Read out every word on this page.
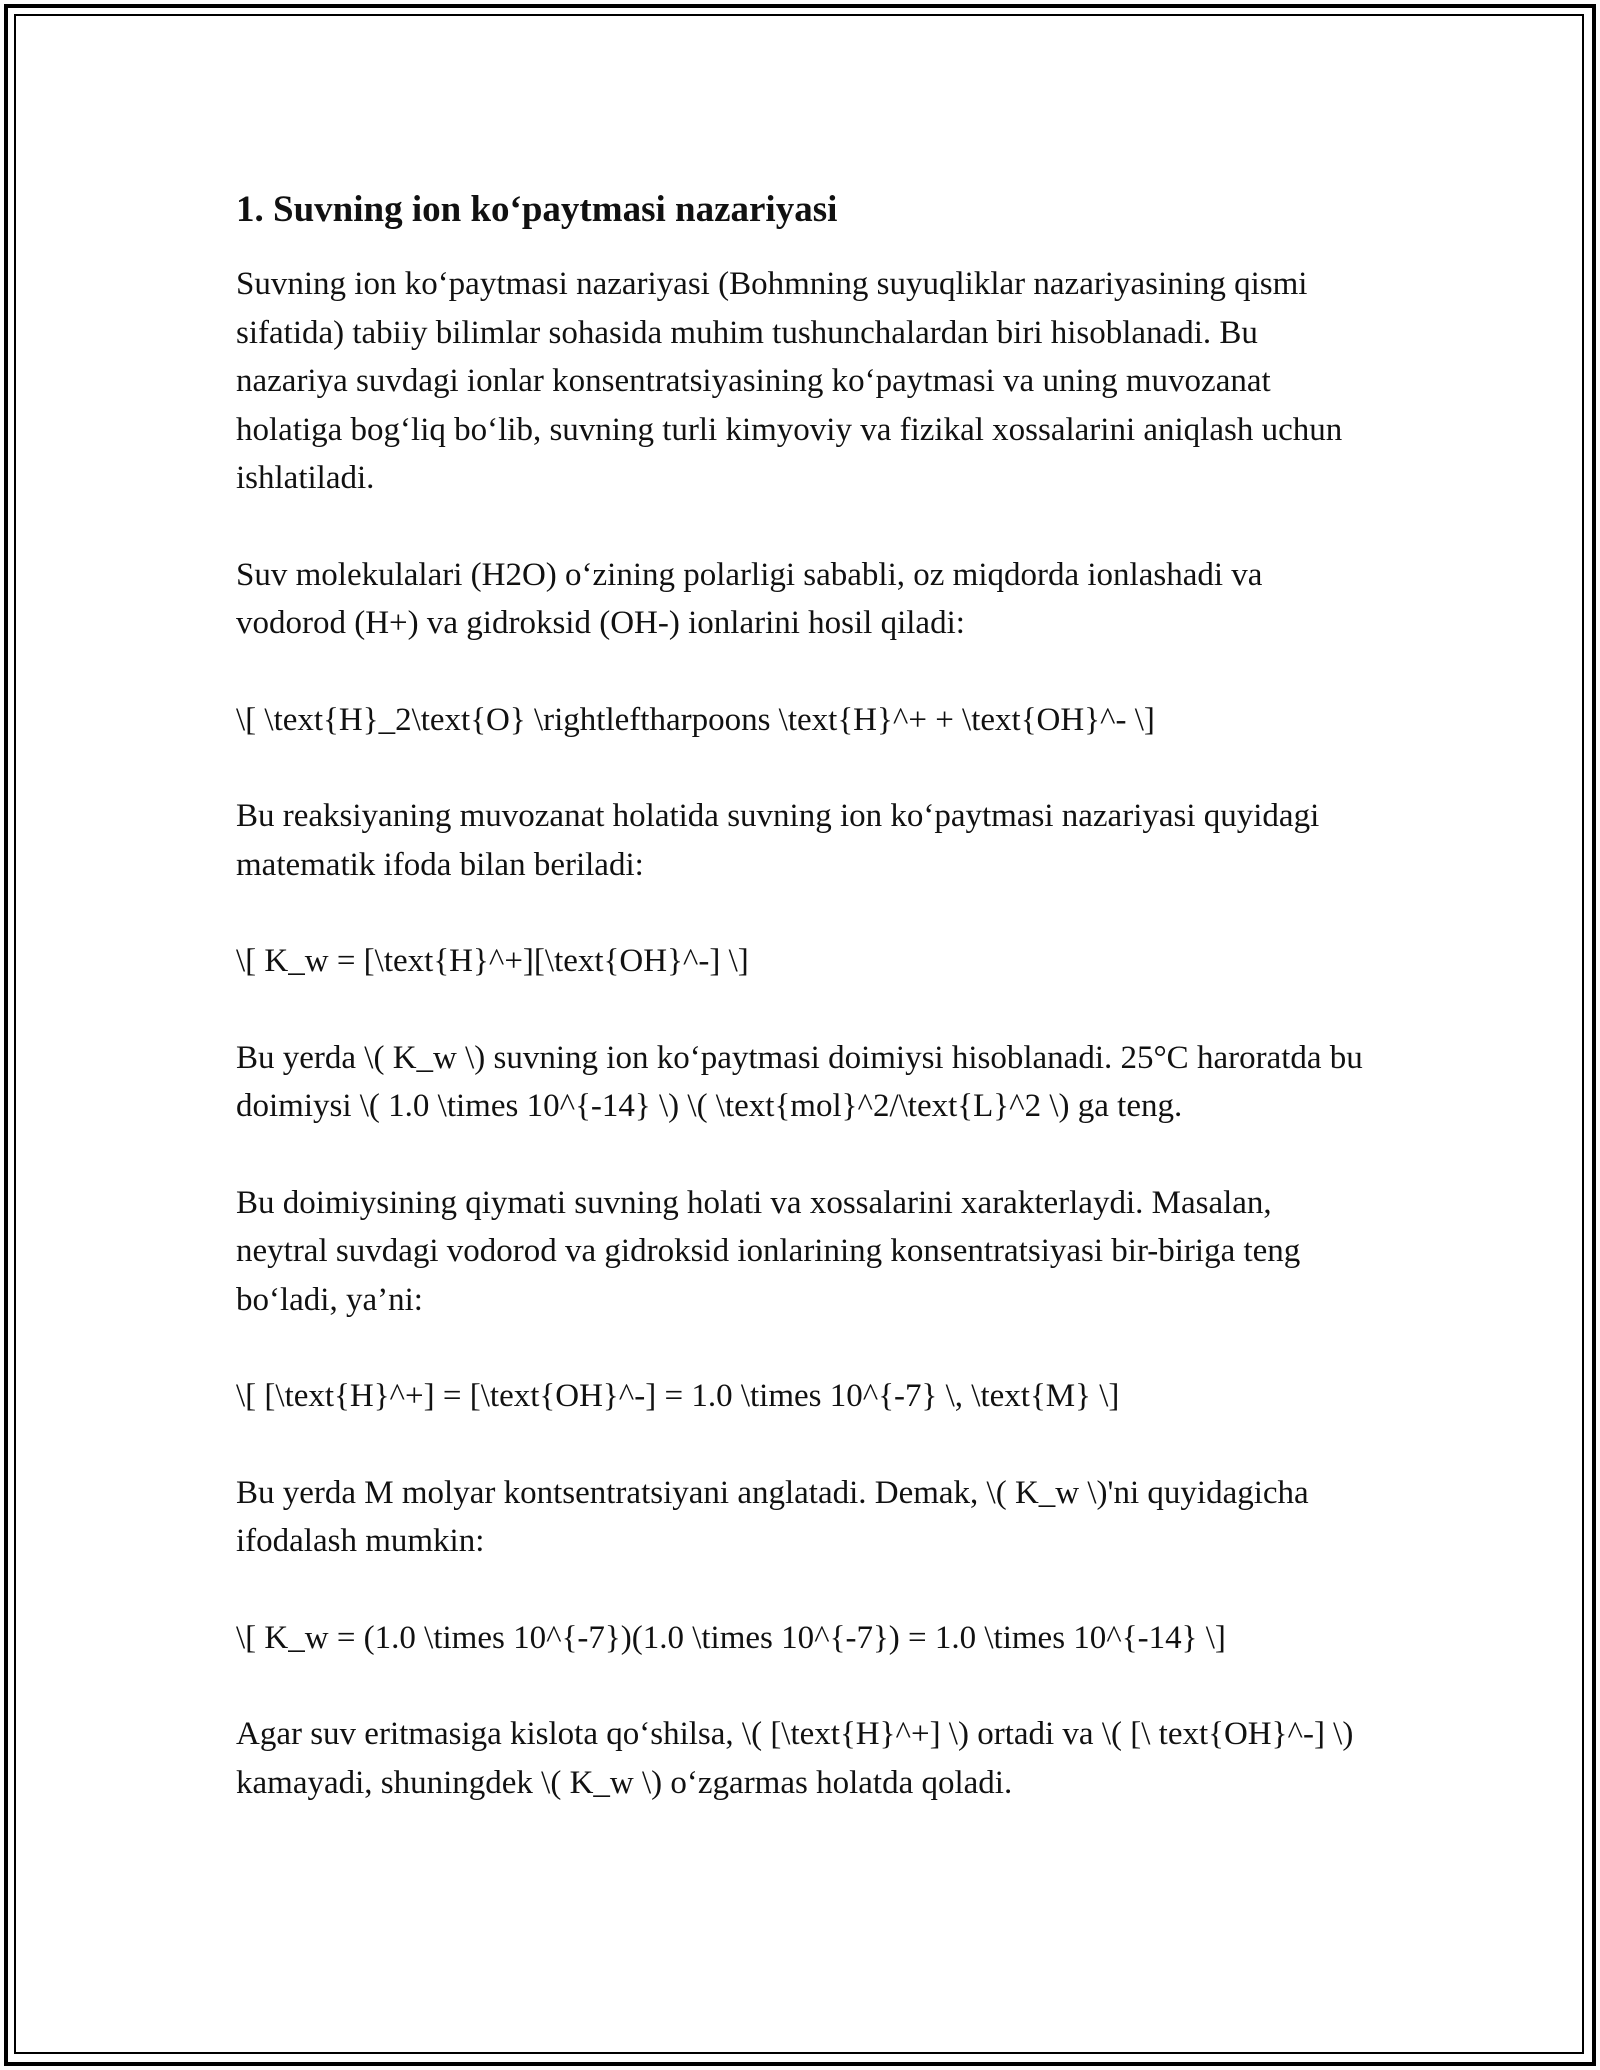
1. Suvning ion ko‘paytmasi nazariyasi

Suvning ion ko‘paytmasi nazariyasi (Bohmning suyuqliklar nazariyasining qismi sifatida) tabiiy bilimlar sohasida muhim tushunchalardan biri hisoblanadi. Bu nazariya suvdagi ionlar konsentratsiyasining ko‘paytmasi va uning muvozanat holatiga bog‘liq bo‘lib, suvning turli kimyoviy va fizikal xossalarini aniqlash uchun ishlatiladi.

Suv molekulalari (H2O) o‘zining polarligi sababli, oz miqdorda ionlashadi va vodorod (H+) va gidroksid (OH-) ionlarini hosil qiladi:

\[ \text{H}_2\text{O} \rightleftharpoons \text{H}^+ + \text{OH}^- \]

Bu reaksiyaning muvozanat holatida suvning ion ko‘paytmasi nazariyasi quyidagi matematik ifoda bilan beriladi:

\[ K_w = [\text{H}^+][\text{OH}^-] \]

Bu yerda \( K_w \) suvning ion ko‘paytmasi doimiysi hisoblanadi. 25°C haroratda bu doimiysi \( 1.0 \times 10^{-14} \) \( \text{mol}^2/\text{L}^2 \) ga teng.

Bu doimiysining qiymati suvning holati va xossalarini xarakterlaydi. Masalan, neytral suvdagi vodorod va gidroksid ionlarining konsentratsiyasi bir-biriga teng bo‘ladi, ya’ni:

\[ [\text{H}^+] = [\text{OH}^-] = 1.0 \times 10^{-7} \, \text{M} \]

Bu yerda M molyar kontsentratsiyani anglatadi. Demak, \( K_w \)'ni quyidagicha ifodalash mumkin:

\[ K_w = (1.0 \times 10^{-7})(1.0 \times 10^{-7}) = 1.0 \times 10^{-14} \]

Agar suv eritmasiga kislota qo‘shilsa, \( [\text{H}^+] \) ortadi va \( [\ text{OH}^-] \) kamayadi, shuningdek \( K_w \) o‘zgarmas holatda qoladi.
